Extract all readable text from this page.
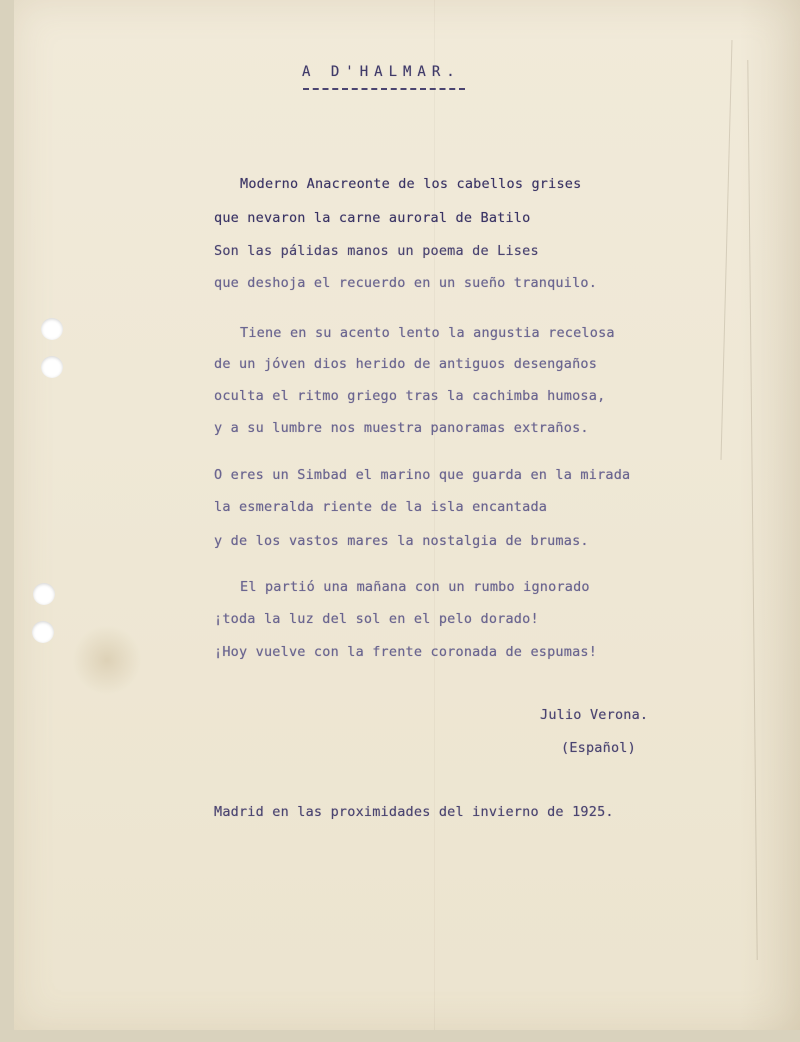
A D'HALMAR.
Moderno Anacreonte de los cabellos grises
que nevaron la carne auroral de Batilo
Son las pálidas manos un poema de Lises
que deshoja el recuerdo en un sueño tranquilo.
Tiene en su acento lento la angustia recelosa
de un jóven dios herido de antiguos desengaños
oculta el ritmo griego tras la cachimba humosa,
y a su lumbre nos muestra panoramas extraños.
O eres un Simbad el marino que guarda en la mirada
la esmeralda riente de la isla encantada
y de los vastos mares la nostalgia de brumas.
El partió una mañana con un rumbo ignorado
¡toda la luz del sol en el pelo dorado!
¡Hoy vuelve con la frente coronada de espumas!
Julio Verona.
(Español)
Madrid en las proximidades del invierno de 1925.
